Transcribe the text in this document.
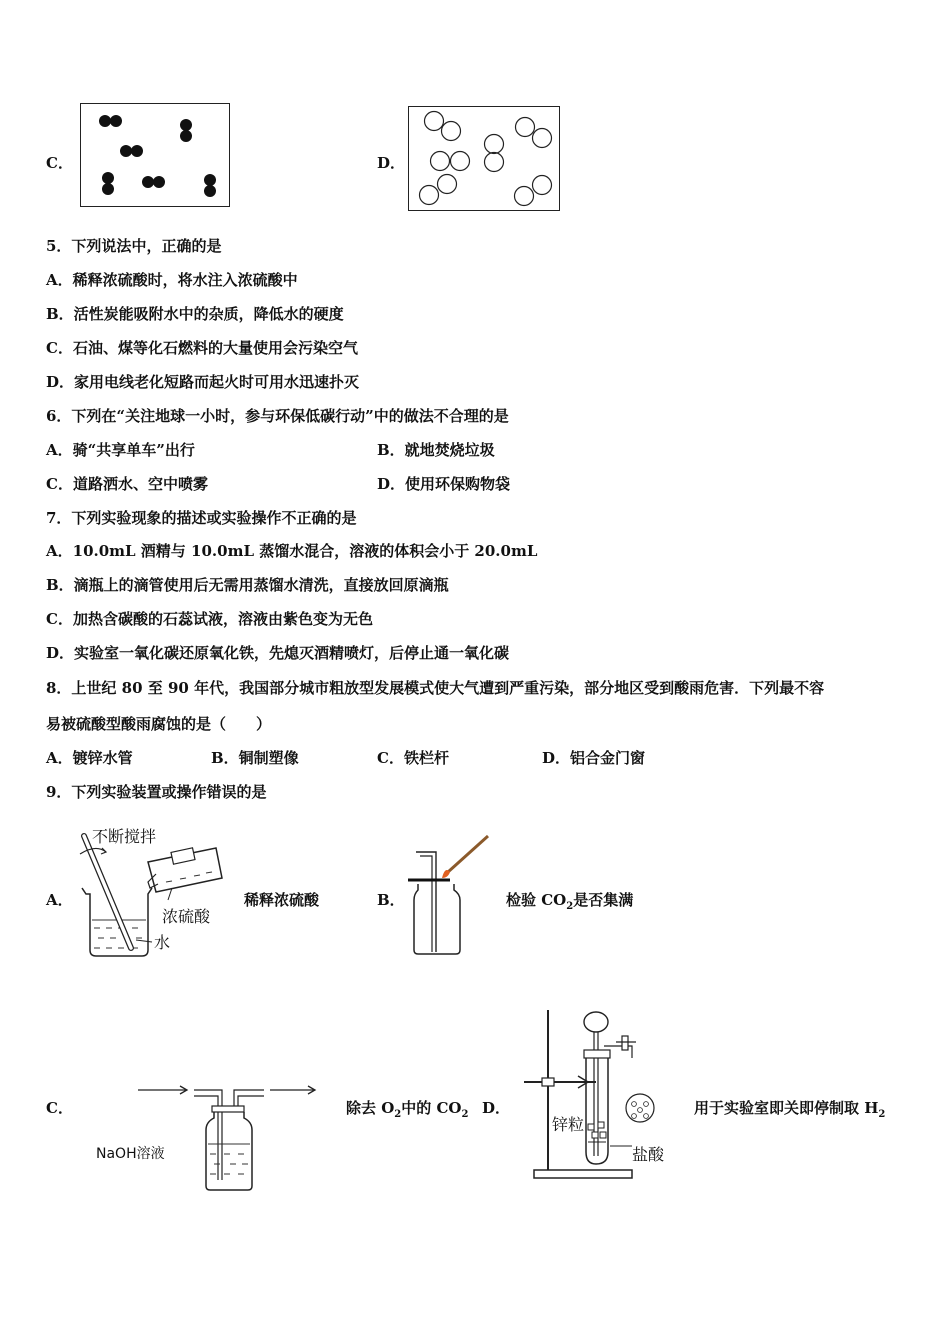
C．	D．
5．下列说法中，正确的是
A．稀释浓硫酸时，将水注入浓硫酸中
B．活性炭能吸附水中的杂质，降低水的硬度
C．石油、煤等化石燃料的大量使用会污染空气
D．家用电线老化短路而起火时可用水迅速扑灭
6．下列在“关注地球一小时，参与环保低碳行动”中的做法不合理的是
A．骑“共享单车”出行	B．就地焚烧垃圾
C．道路洒水、空中喷雾	D．使用环保购物袋
7．下列实验现象的描述或实验操作不正确的是
A．10.0mL 酒精与 10.0mL 蒸馏水混合，溶液的体积会小于 20.0mL
B．滴瓶上的滴管使用后无需用蒸馏水清洗，直接放回原滴瓶
C．加热含碳酸的石蕊试液，溶液由紫色变为无色
D．实验室一氧化碳还原氧化铁，先熄灭酒精喷灯，后停止通一氧化碳
8．上世纪 80 至 90 年代，我国部分城市粗放型发展模式使大气遭到严重污染，部分地区受到酸雨危害．下列最不容
易被硫酸型酸雨腐蚀的是（　　）
A．镀锌水管	B．铜制塑像	C．铁栏杆	D．铝合金门窗
9．下列实验装置或操作错误的是
A．
不断搅拌
浓硫酸
水
稀释浓硫酸	B．	检验 $CO_2$是否集满
C．
NaOH溶液
除去 $O_2$中的 $CO_2$ D．
锌粒
盐酸
用于实验室即关即停制取 $H_2$
